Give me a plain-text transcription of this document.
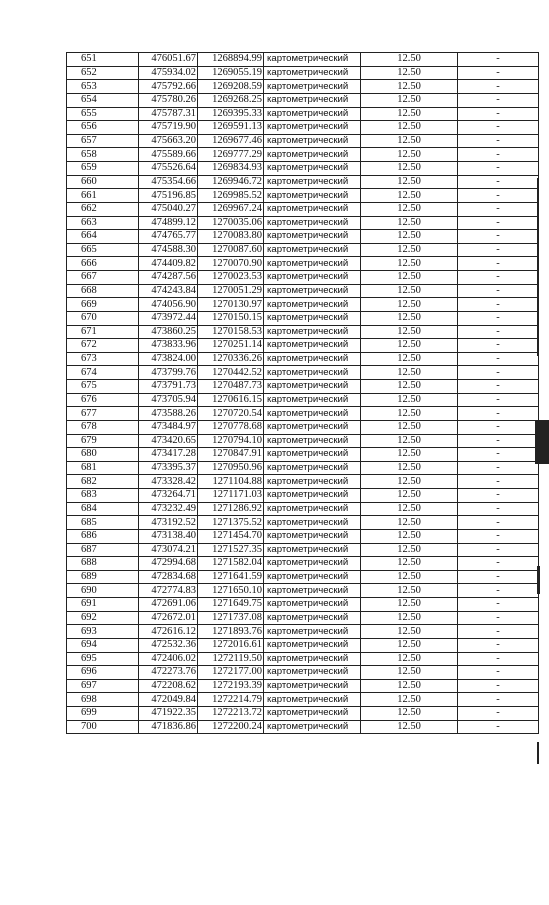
651	476051.67	1268894.99	картометрический	12.50	-
652	475934.02	1269055.19	картометрический	12.50	-
653	475792.66	1269208.59	картометрический	12.50	-
654	475780.26	1269268.25	картометрический	12.50	-
655	475787.31	1269395.33	картометрический	12.50	-
656	475719.90	1269591.13	картометрический	12.50	-
657	475663.20	1269677.46	картометрический	12.50	-
658	475589.66	1269777.29	картометрический	12.50	-
659	475526.64	1269834.93	картометрический	12.50	-
660	475354.66	1269946.72	картометрический	12.50	-
661	475196.85	1269985.52	картометрический	12.50	-
662	475040.27	1269967.24	картометрический	12.50	-
663	474899.12	1270035.06	картометрический	12.50	-
664	474765.77	1270083.80	картометрический	12.50	-
665	474588.30	1270087.60	картометрический	12.50	-
666	474409.82	1270070.90	картометрический	12.50	-
667	474287.56	1270023.53	картометрический	12.50	-
668	474243.84	1270051.29	картометрический	12.50	-
669	474056.90	1270130.97	картометрический	12.50	-
670	473972.44	1270150.15	картометрический	12.50	-
671	473860.25	1270158.53	картометрический	12.50	-
672	473833.96	1270251.14	картометрический	12.50	-
673	473824.00	1270336.26	картометрический	12.50	-
674	473799.76	1270442.52	картометрический	12.50	-
675	473791.73	1270487.73	картометрический	12.50	-
676	473705.94	1270616.15	картометрический	12.50	-
677	473588.26	1270720.54	картометрический	12.50	-
678	473484.97	1270778.68	картометрический	12.50	-
679	473420.65	1270794.10	картометрический	12.50	-
680	473417.28	1270847.91	картометрический	12.50	-
681	473395.37	1270950.96	картометрический	12.50	-
682	473328.42	1271104.88	картометрический	12.50	-
683	473264.71	1271171.03	картометрический	12.50	-
684	473232.49	1271286.92	картометрический	12.50	-
685	473192.52	1271375.52	картометрический	12.50	-
686	473138.40	1271454.70	картометрический	12.50	-
687	473074.21	1271527.35	картометрический	12.50	-
688	472994.68	1271582.04	картометрический	12.50	-
689	472834.68	1271641.59	картометрический	12.50	-
690	472774.83	1271650.10	картометрический	12.50	-
691	472691.06	1271649.75	картометрический	12.50	-
692	472672.01	1271737.08	картометрический	12.50	-
693	472616.12	1271893.76	картометрический	12.50	-
694	472532.36	1272016.61	картометрический	12.50	-
695	472406.02	1272119.50	картометрический	12.50	-
696	472273.76	1272177.00	картометрический	12.50	-
697	472208.62	1272193.39	картометрический	12.50	-
698	472049.84	1272214.79	картометрический	12.50	-
699	471922.35	1272213.72	картометрический	12.50	-
700	471836.86	1272200.24	картометрический	12.50	-
